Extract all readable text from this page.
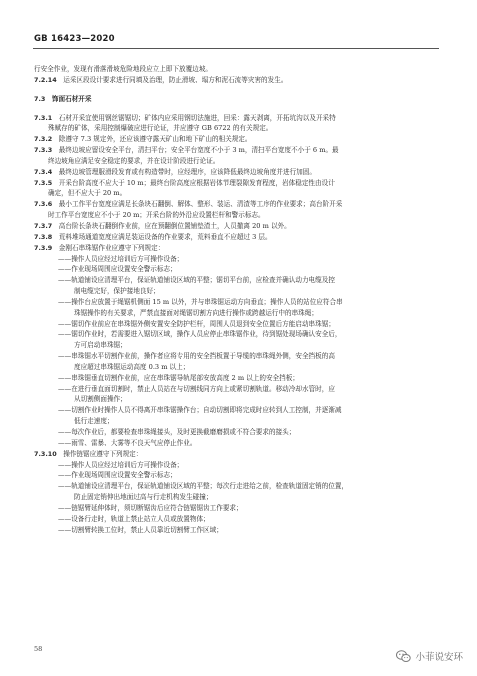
GB 16423—2020
行安全作业，发现有滑落滑坡危险地段应立上即下放覆边坡。
7.2.14  运采区段设计要求进行同填及治理，防止滑坡、塌方和泥石流等灾害的发生。
7.3  饰面石材开采
7.3.1  石材开采宜使用钢丝锯锯切；矿体内应采用钢切法施进，回采：露天剥离，开拓坑沟以及开采特
殊赋存的矿体，采用控制爆破应进行论证，并应遵守 GB 6722 的有关规定。
7.3.2  除遵守 7.3 规定外，还应该遵守露天矿山和地下矿山的相关规定。
7.3.3  最终边坡应留设安全平台，清扫平台；安全平台宽度不小于 3 m，清扫平台宽度不小于 6 m。最
终边坡角应满足安全稳定的要求，并在设计阶段进行论证。
7.3.4  最终边坡管理服滑段发育或有构造带时，应经理序，应该降低最终边坡角度并进行加固。
7.3.5  开采台阶高度不应大于 10 m；最终台阶高度应根据岩体节理裂隙发育程度，岩体稳定性由设计
确定，但不应大于 20 m。
7.3.6  最小工作平台宽度应满足长条块石翻倒、解体、整形、装运、清渣等工序的作业要求；高台阶开采
时工作平台宽度应不小于 20 m；开采台阶的外沿应设置栏杆和警示标志。
7.3.7  高台阶长条块石翻倒作业前，应在预翻倒位置铺垫渣土，人员撤离 20 m 以外。
7.3.8  荒料堆场通道宽度应满足装运设备的作业要求，荒料垂直不应超过 3 层。
7.3.9  金刚石串珠锯作业应遵守下列规定：
——操作人员应经过培训后方可操作设备；
——作业现场周围应设置安全警示标志；
——轨道铺设应清理平台，保证轨道铺设区域的平整；锯切平台前，应检查并确认动力电缆及控
制电缆完好，保护接地良好；
——操作台应放置于绳锯机侧面 15 m 以外，并与串珠锯运动方向垂直；操作人员的站位应符合串
珠锯操作的有关要求，严禁直接面对绳锯切割方向进行操作或跨越运行中的串珠绳；
——锯切作业前应在串珠锯外侧安置安全防护栏杆，周围人员退到安全位置后方能启动串珠锯；
——锯切作业时，若需要进入锯切区域，操作人员应停止串珠锯作业，待到锯处现场确认安全后，
方可启动串珠锯；
——串珠锯水平切割作业前，操作者应将专用的安全挡板置于导缆的串珠绳外侧，安全挡板的高
度应超过串珠锯运动高度 0.3 m 以上；
——串珠锯垂直切割作业前，应在串珠锯导轨尾部安放高度 2 m 以上的安全挡板；
——在进行垂直面切割时，禁止人员站在与切割线同方向上或紧切割轨道。移动冷却水管时，应
从切割侧面操作；
——切割作业时操作人员不得离开串珠锯操作台；自动切割即将完成时应转到人工控制，并逐渐减
低行走速度；
——每次作业后，都要检查串珠绳接头，及时更换截磨磨损或不符合要求的接头；
——雨雪、雷暴、大雾等不良天气应停止作业。
7.3.10  操作链锯应遵守下列规定：
——操作人员应经过培训后方可操作设备；
——作业现场周围应设置安全警示标志；
——轨道铺设应清理平台，保证轨道铺设区域的平整；每次行走进给之前，检查轨道固定销的位置，
防止固定销伸出地面过高与行走机构发生碰撞；
——链锯臂延伸体时，须切断锯齿后应符合链锯锯齿工作要求；
——设备行走时，轨道上禁止站立人员或放置物体；
——切割臂转换工位时，禁止人员靠近切割臂工作区域；
58
小菲说安环
